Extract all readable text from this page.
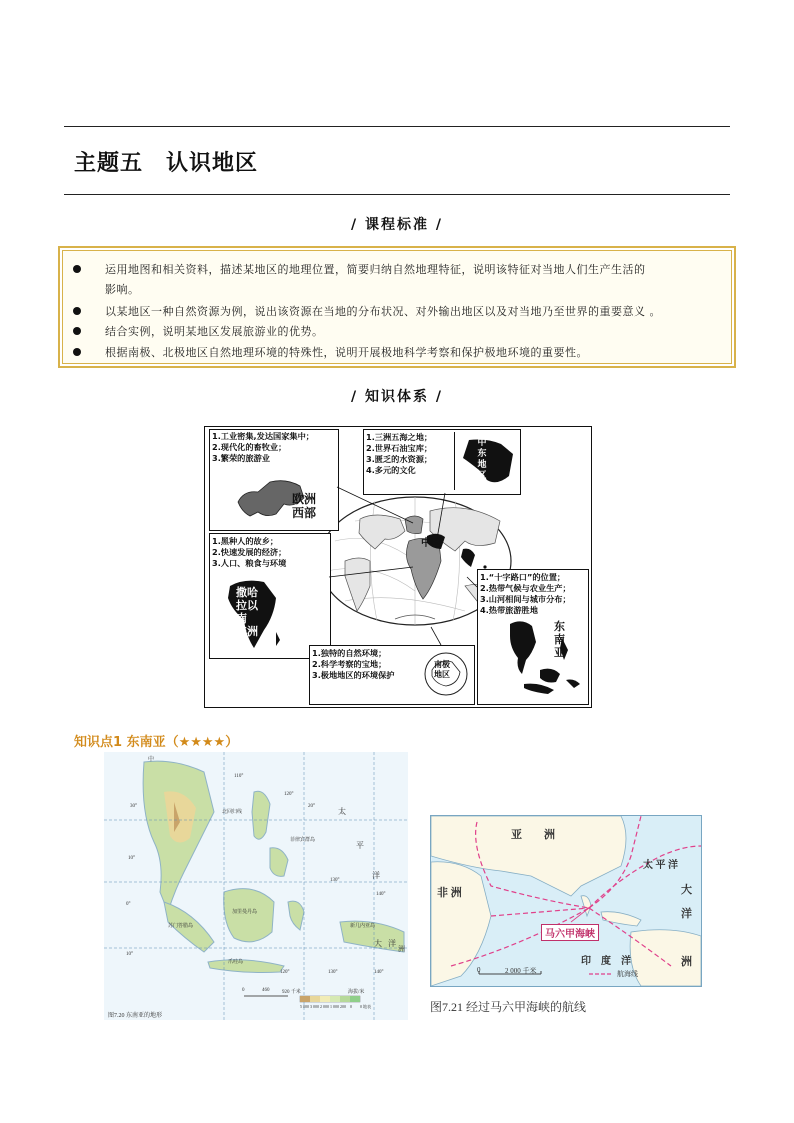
主题五　认识地区
/ 课程标准 /
运用地图和相关资料，描述某地区的地理位置，简要归纳自然地理特征，说明该特征对当地人们生产生活的
影响。
以某地区一种自然资源为例，说出该资源在当地的分布状况、对外输出地区以及对当地乃至世界的重要意义 。
结合实例，说明某地区发展旅游业的优势。
根据南极、北极地区自然地理环境的特殊性，说明开展极地科学考察和保护极地环境的重要性。
/ 知识体系 /
1.工业密集,发达国家集中；
2.现代化的畜牧业；
3.繁荣的旅游业
欧洲
西部
1.三洲五海之地；
2.世界石油宝库；
3.匮乏的水资源；
4.多元的文化
中
东
地
区
1.黑种人的故乡；
2.快速发展的经济；
3.人口、粮食与环境
撒哈
拉以
南
非洲
中国
1.“十字路口”的位置；
2.热带气候与农业生产；
3.山河相间与城市分布；
4.热带旅游胜地
东
南
亚
1.独特的自然环境；
2.科学考察的宝地；
3.极地地区的环境保护
南极
地区
知识点1 东南亚（★★★★）
中
110°
120°
30°	20°
10°
0°
10°
130°
140°
120°	130°	140°
太
平
洋
大 洋
洲
北回归线
菲律宾群岛
加里曼丹岛
苏门答腊岛
爪哇岛
新几内亚岛
0	460	920 千米	海拔/米
5 000 3 000 2 000 1 000 200 0 0 地表
图7.20 东南亚的地形
亚　　洲
非 洲
太 平 洋
大
洋
洲
印　度　洋
马六甲海峡
0	2 000 千米	航海线
图7.21 经过马六甲海峡的航线
